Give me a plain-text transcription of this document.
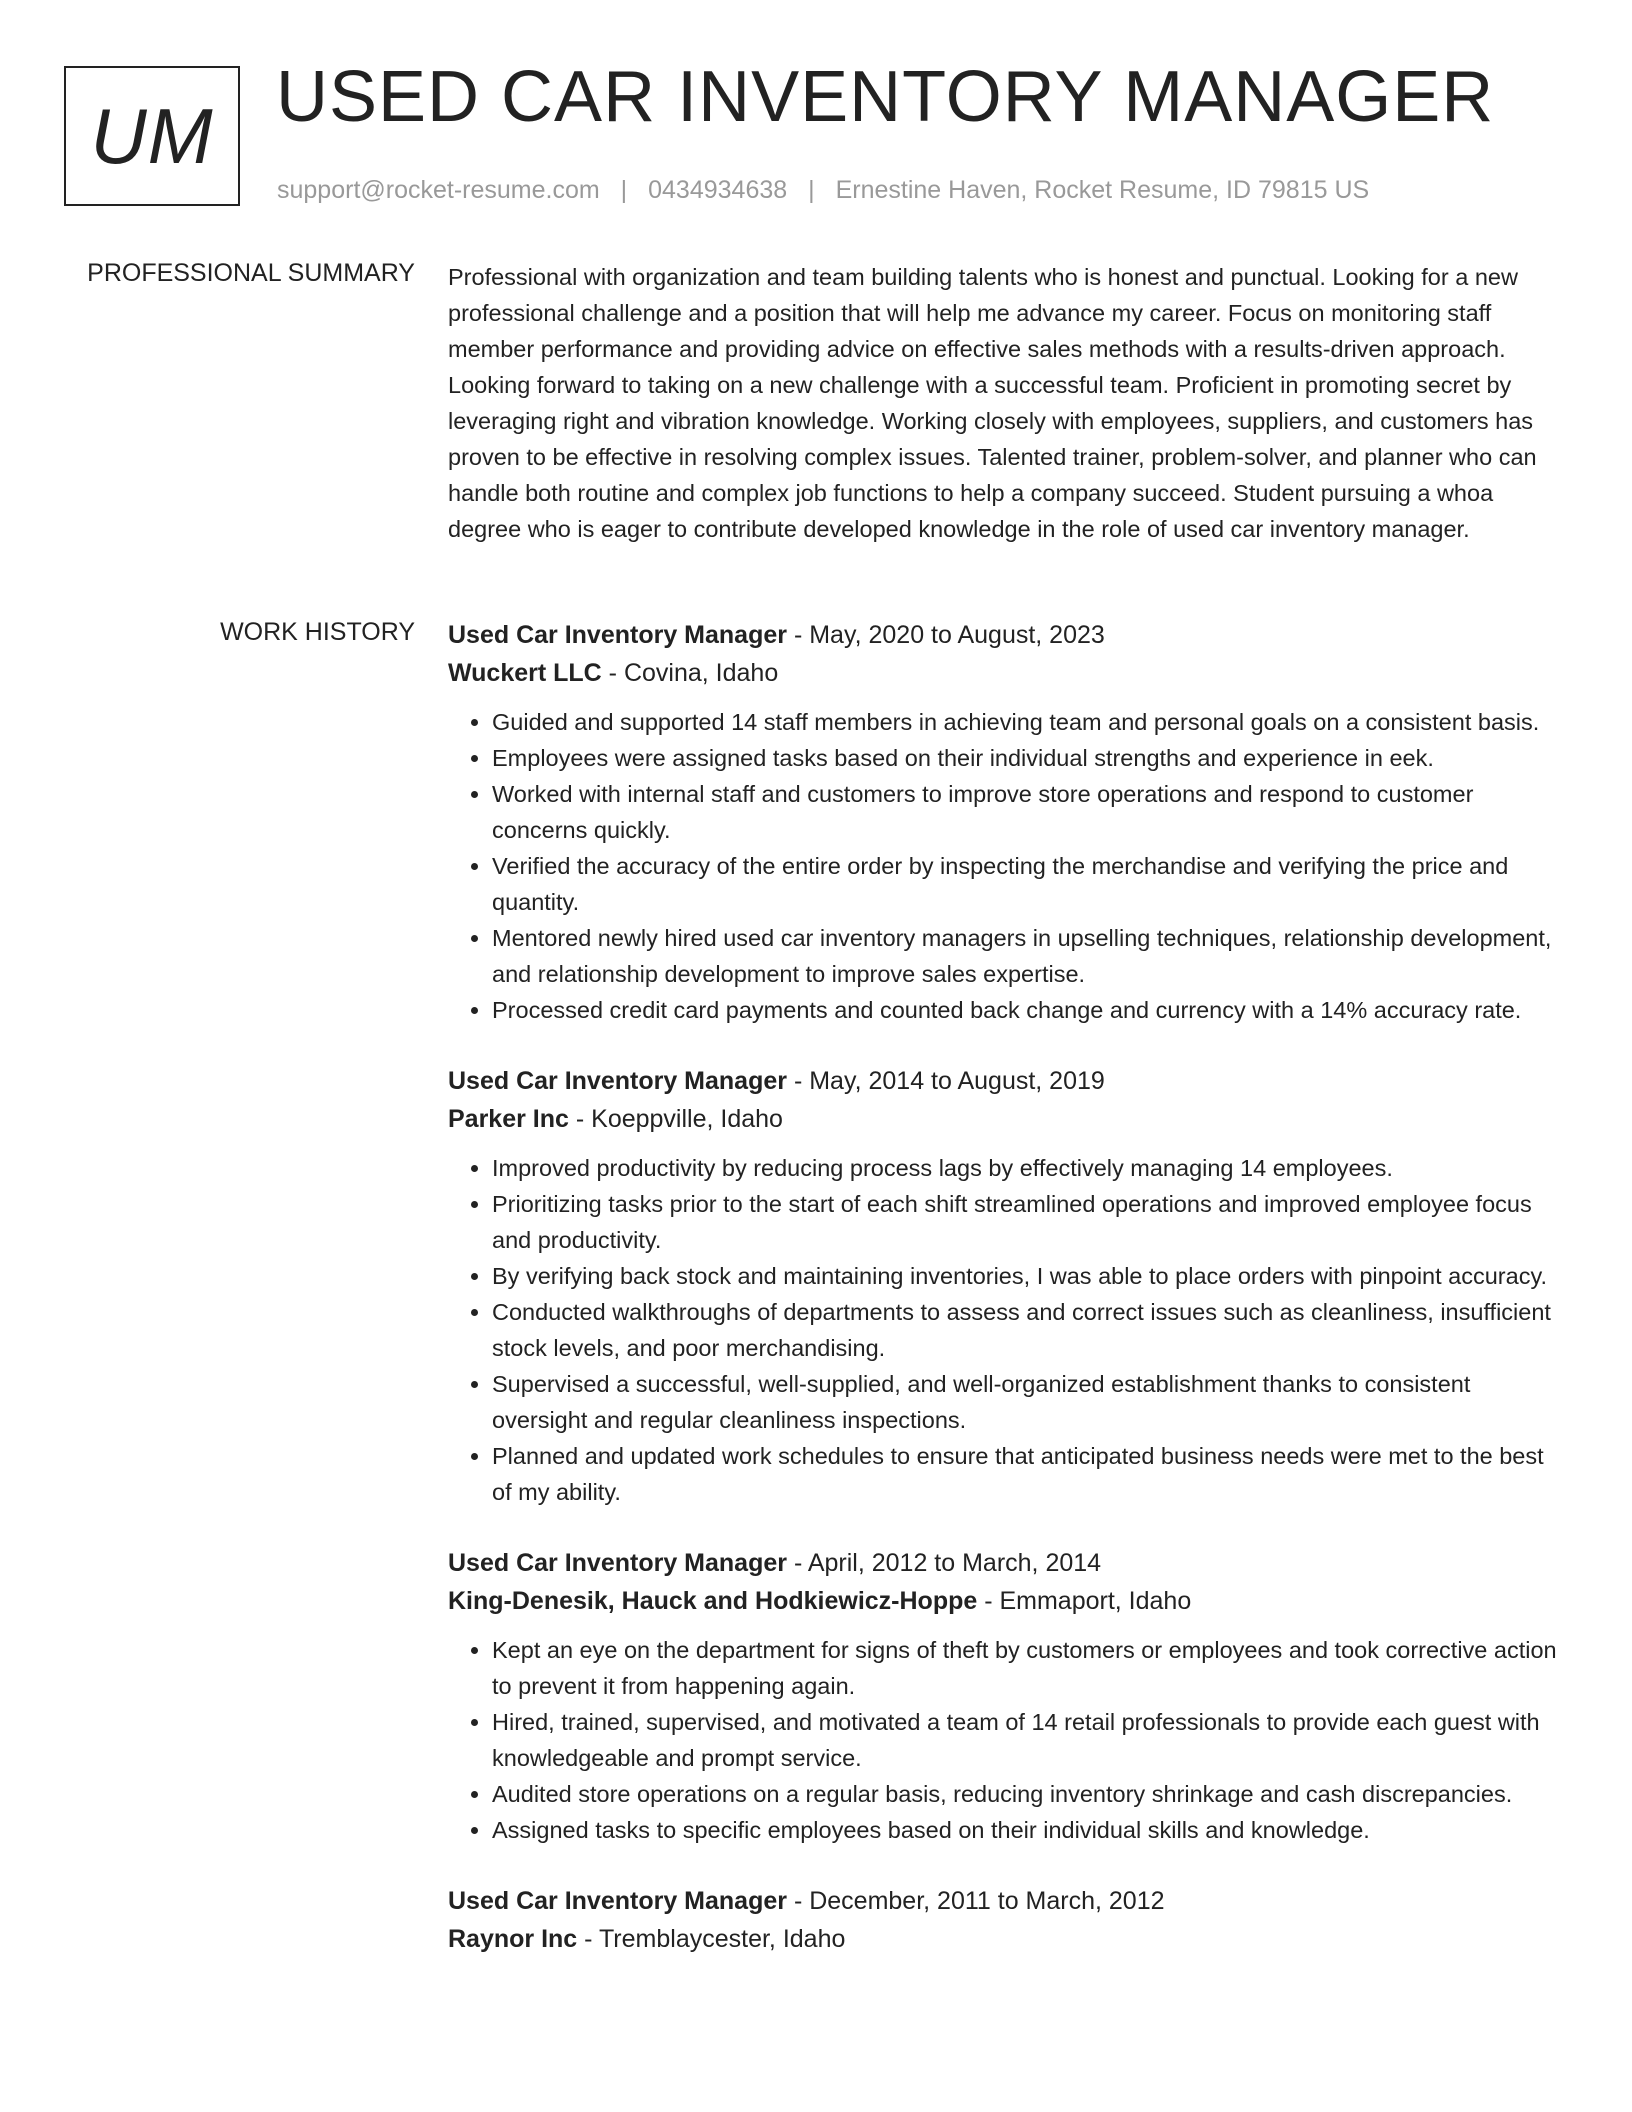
UM USED CAR INVENTORY MANAGER
support@rocket-resume.com | 0434934638 | Ernestine Haven, Rocket Resume, ID 79815 US
PROFESSIONAL SUMMARY Professional with organization and team building talents who is honest and punctual. Looking for a new professional challenge and a position that will help me advance my career. Focus on monitoring staff member performance and providing advice on effective sales methods with a results-driven approach. Looking forward to taking on a new challenge with a successful team. Proficient in promoting secret by leveraging right and vibration knowledge. Working closely with employees, suppliers, and customers has proven to be effective in resolving complex issues. Talented trainer, problem-solver, and planner who can handle both routine and complex job functions to help a company succeed. Student pursuing a whoa degree who is eager to contribute developed knowledge in the role of used car inventory manager.

WORK HISTORY Used Car Inventory Manager - May, 2020 to August, 2023
Wuckert LLC - Covina, Idaho
• Guided and supported 14 staff members in achieving team and personal goals on a consistent basis.
• Employees were assigned tasks based on their individual strengths and experience in eek.
• Worked with internal staff and customers to improve store operations and respond to customer concerns quickly.
• Verified the accuracy of the entire order by inspecting the merchandise and verifying the price and quantity.
• Mentored newly hired used car inventory managers in upselling techniques, relationship development, and relationship development to improve sales expertise.
• Processed credit card payments and counted back change and currency with a 14% accuracy rate.
Used Car Inventory Manager - May, 2014 to August, 2019
Parker Inc - Koeppville, Idaho
• Improved productivity by reducing process lags by effectively managing 14 employees.
• Prioritizing tasks prior to the start of each shift streamlined operations and improved employee focus and productivity.
• By verifying back stock and maintaining inventories, I was able to place orders with pinpoint accuracy.
• Conducted walkthroughs of departments to assess and correct issues such as cleanliness, insufficient stock levels, and poor merchandising.
• Supervised a successful, well-supplied, and well-organized establishment thanks to consistent oversight and regular cleanliness inspections.
• Planned and updated work schedules to ensure that anticipated business needs were met to the best of my ability.
Used Car Inventory Manager - April, 2012 to March, 2014
King-Denesik, Hauck and Hodkiewicz-Hoppe - Emmaport, Idaho
• Kept an eye on the department for signs of theft by customers or employees and took corrective action to prevent it from happening again.
• Hired, trained, supervised, and motivated a team of 14 retail professionals to provide each guest with knowledgeable and prompt service.
• Audited store operations on a regular basis, reducing inventory shrinkage and cash discrepancies.
• Assigned tasks to specific employees based on their individual skills and knowledge.
Used Car Inventory Manager - December, 2011 to March, 2012
Raynor Inc - Tremblaycester, Idaho
